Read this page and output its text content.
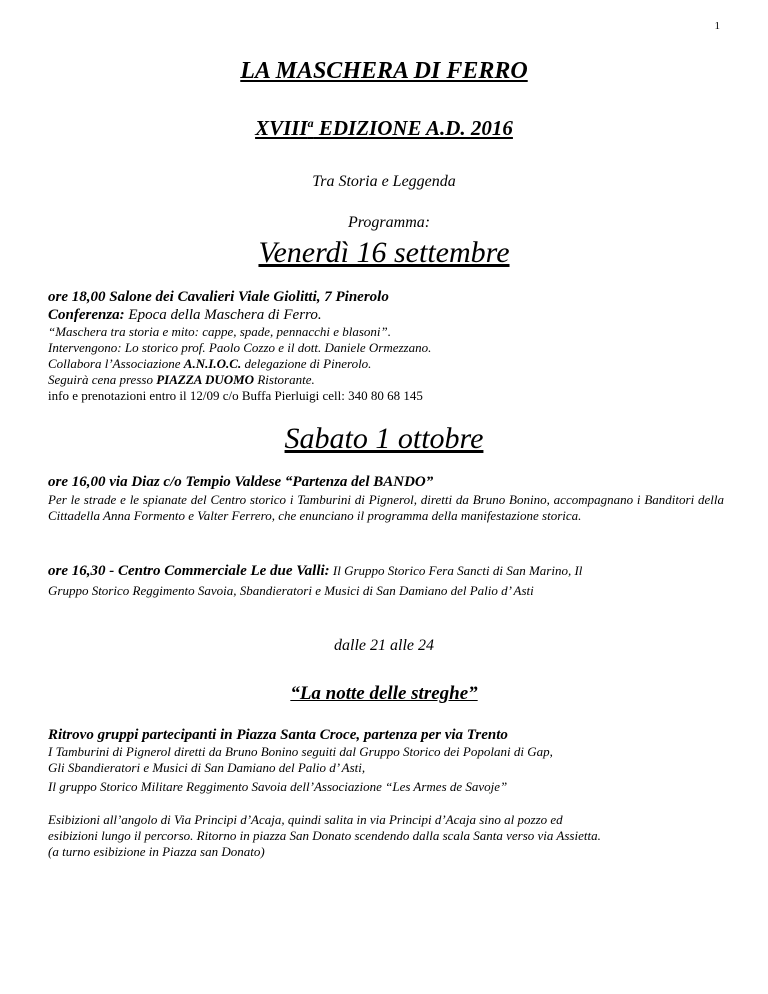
1
LA MASCHERA DI FERRO
XVIII$^a$ EDIZIONE A.D. 2016
Tra Storia e Leggenda
Programma:
Venerdì 16 settembre
ore 18,00 Salone dei Cavalieri Viale Giolitti, 7 Pinerolo
Conferenza: Epoca della Maschera di Ferro.
“Maschera tra storia e mito: cappe, spade, pennacchi e blasoni”.
Intervengono: Lo storico prof. Paolo Cozzo e il dott. Daniele Ormezzano.
Collabora l’Associazione A.N.I.O.C. delegazione di Pinerolo.
Seguirà cena presso PIAZZA DUOMO Ristorante.
info e prenotazioni entro il 12/09 c/o Buffa Pierluigi cell: 340 80 68 145
Sabato 1 ottobre
ore 16,00 via Diaz c/o Tempio Valdese “Partenza del BANDO”
Per le strade e le spianate del Centro storico i Tamburini di Pignerol, diretti da Bruno Bonino, accompagnano i Banditori della Cittadella Anna Formento e Valter Ferrero, che enunciano il programma della manifestazione storica.
ore 16,30 - Centro Commerciale Le due Valli: Il Gruppo Storico Fera Sancti di San Marino, Il
Gruppo Storico Reggimento Savoia, Sbandieratori e Musici di San Damiano del Palio d’ Asti
dalle 21 alle 24
“La notte delle streghe”
Ritrovo gruppi partecipanti in Piazza Santa Croce, partenza per via Trento
I Tamburini di Pignerol diretti da Bruno Bonino seguiti dal Gruppo Storico dei Popolani di Gap,
Gli Sbandieratori e Musici di San Damiano del Palio d’ Asti,
Il gruppo Storico Militare Reggimento Savoia dell’Associazione “Les Armes de Savoje”
Esibizioni all’angolo di Via Principi d’Acaja, quindi salita in via Principi d’Acaja sino al pozzo ed
esibizioni lungo il percorso. Ritorno in piazza San Donato scendendo dalla scala Santa verso via Assietta.
(a turno esibizione in Piazza san Donato)
